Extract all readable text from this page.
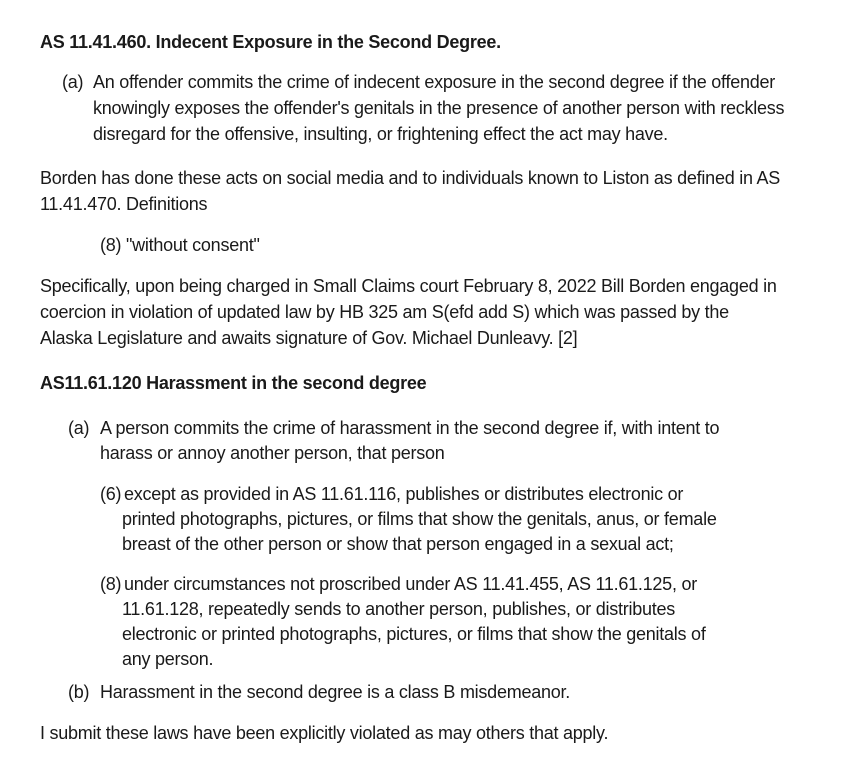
AS 11.41.460. Indecent Exposure in the Second Degree.
(a) An offender commits the crime of indecent exposure in the second degree if the offender
knowingly exposes the offender's genitals in the presence of another person with reckless
disregard for the offensive, insulting, or frightening effect the act may have.
Borden has done these acts on social media and to individuals known to Liston as defined in AS
11.41.470. Definitions
(8) "without consent"
Specifically, upon being charged in Small Claims court February 8, 2022 Bill Borden engaged in
coercion in violation of updated law by HB 325 am S(efd add S) which was passed by the
Alaska Legislature and awaits signature of Gov. Michael Dunleavy. [2]
AS11.61.120 Harassment in the second degree
(a) A person commits the crime of harassment in the second degree if, with intent to
harass or annoy another person, that person
(6) except as provided in AS 11.61.116, publishes or distributes electronic or
printed photographs, pictures, or films that show the genitals, anus, or female
breast of the other person or show that person engaged in a sexual act;
(8) under circumstances not proscribed under AS 11.41.455, AS 11.61.125, or
11.61.128, repeatedly sends to another person, publishes, or distributes
electronic or printed photographs, pictures, or films that show the genitals of
any person.
(b) Harassment in the second degree is a class B misdemeanor.
I submit these laws have been explicitly violated as may others that apply.
